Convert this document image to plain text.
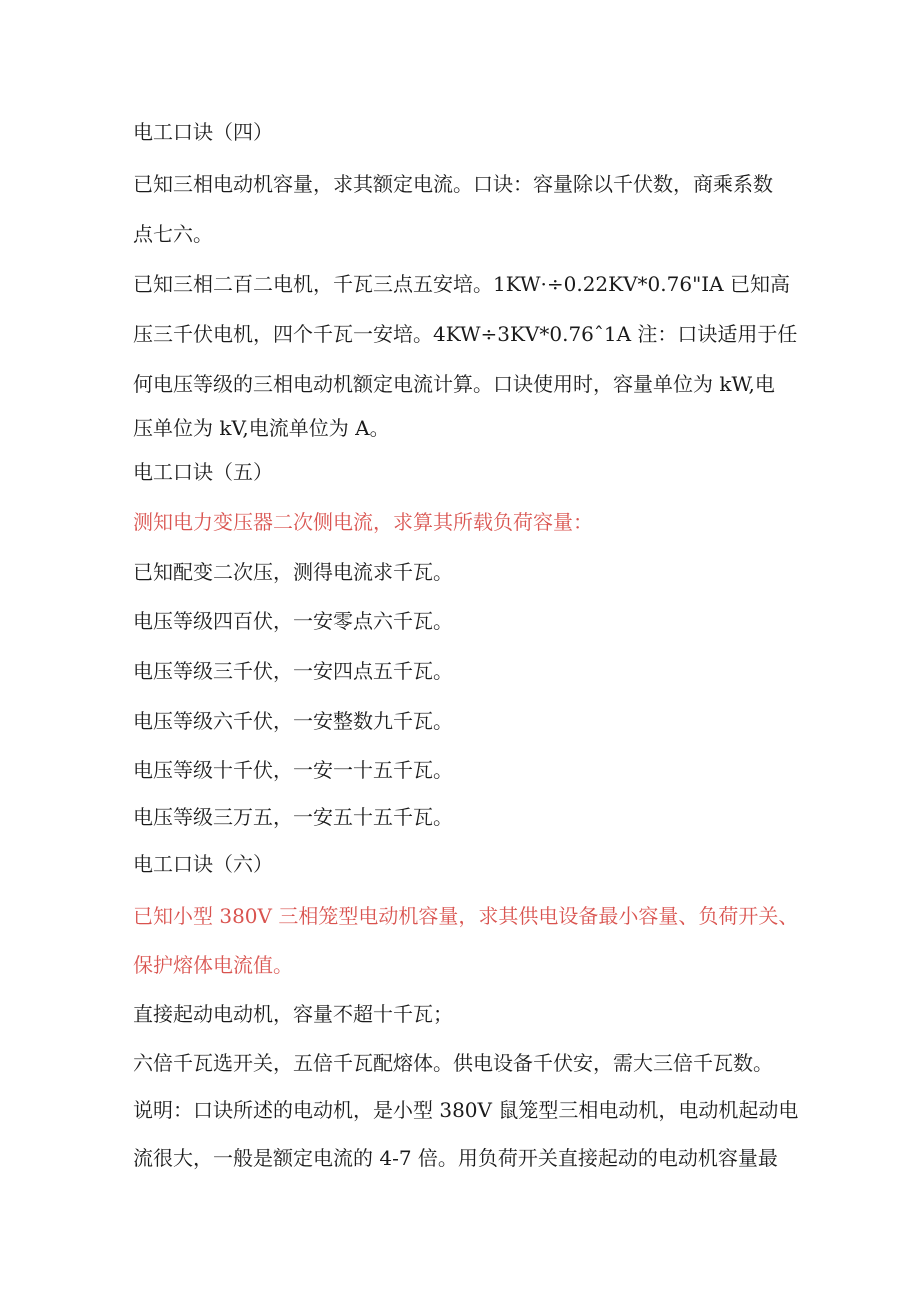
电工口诀（四）
已知三相电动机容量，求其额定电流。口诀：容量除以千伏数，商乘系数
点七六。
已知三相二百二电机，千瓦三点五安培。1KW·÷0.22KV*0.76"IA 已知高
压三千伏电机，四个千瓦一安培。4KW÷3KV*0.76ˆ1A 注：口诀适用于任
何电压等级的三相电动机额定电流计算。口诀使用时，容量单位为 kW,电
压单位为 kV,电流单位为 A。
电工口诀（五）
测知电力变压器二次侧电流，求算其所载负荷容量：
已知配变二次压，测得电流求千瓦。
电压等级四百伏，一安零点六千瓦。
电压等级三千伏，一安四点五千瓦。
电压等级六千伏，一安整数九千瓦。
电压等级十千伏，一安一十五千瓦。
电压等级三万五，一安五十五千瓦。
电工口诀（六）
已知小型 380V 三相笼型电动机容量，求其供电设备最小容量、负荷开关、
保护熔体电流值。
直接起动电动机，容量不超十千瓦；
六倍千瓦选开关，五倍千瓦配熔体。供电设备千伏安，需大三倍千瓦数。
说明：口诀所述的电动机，是小型 380V 鼠笼型三相电动机，电动机起动电
流很大，一般是额定电流的 4-7 倍。用负荷开关直接起动的电动机容量最
